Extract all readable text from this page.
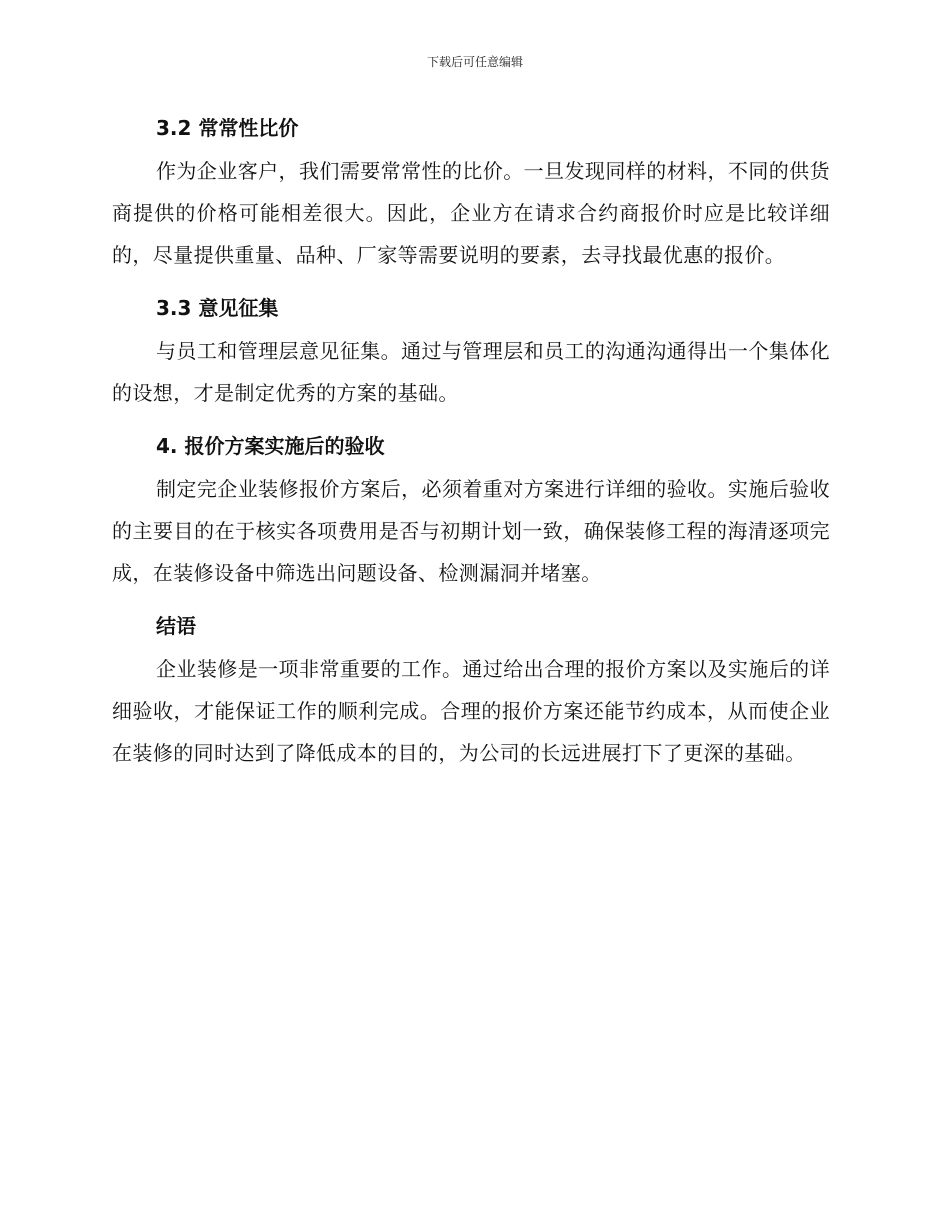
下载后可任意编辑
3.2 常常性比价

作为企业客户，我们需要常常性的比价。一旦发现同样的材料，不同的供货商提供的价格可能相差很大。因此，企业方在请求合约商报价时应是比较详细的，尽量提供重量、品种、厂家等需要说明的要素，去寻找最优惠的报价。

3.3 意见征集

与员工和管理层意见征集。通过与管理层和员工的沟通沟通得出一个集体化的设想，才是制定优秀的方案的基础。

4. 报价方案实施后的验收

制定完企业装修报价方案后，必须着重对方案进行详细的验收。实施后验收的主要目的在于核实各项费用是否与初期计划一致，确保装修工程的海清逐项完成，在装修设备中筛选出问题设备、检测漏洞并堵塞。

结语

企业装修是一项非常重要的工作。通过给出合理的报价方案以及实施后的详细验收，才能保证工作的顺利完成。合理的报价方案还能节约成本，从而使企业在装修的同时达到了降低成本的目的，为公司的长远进展打下了更深的基础。
